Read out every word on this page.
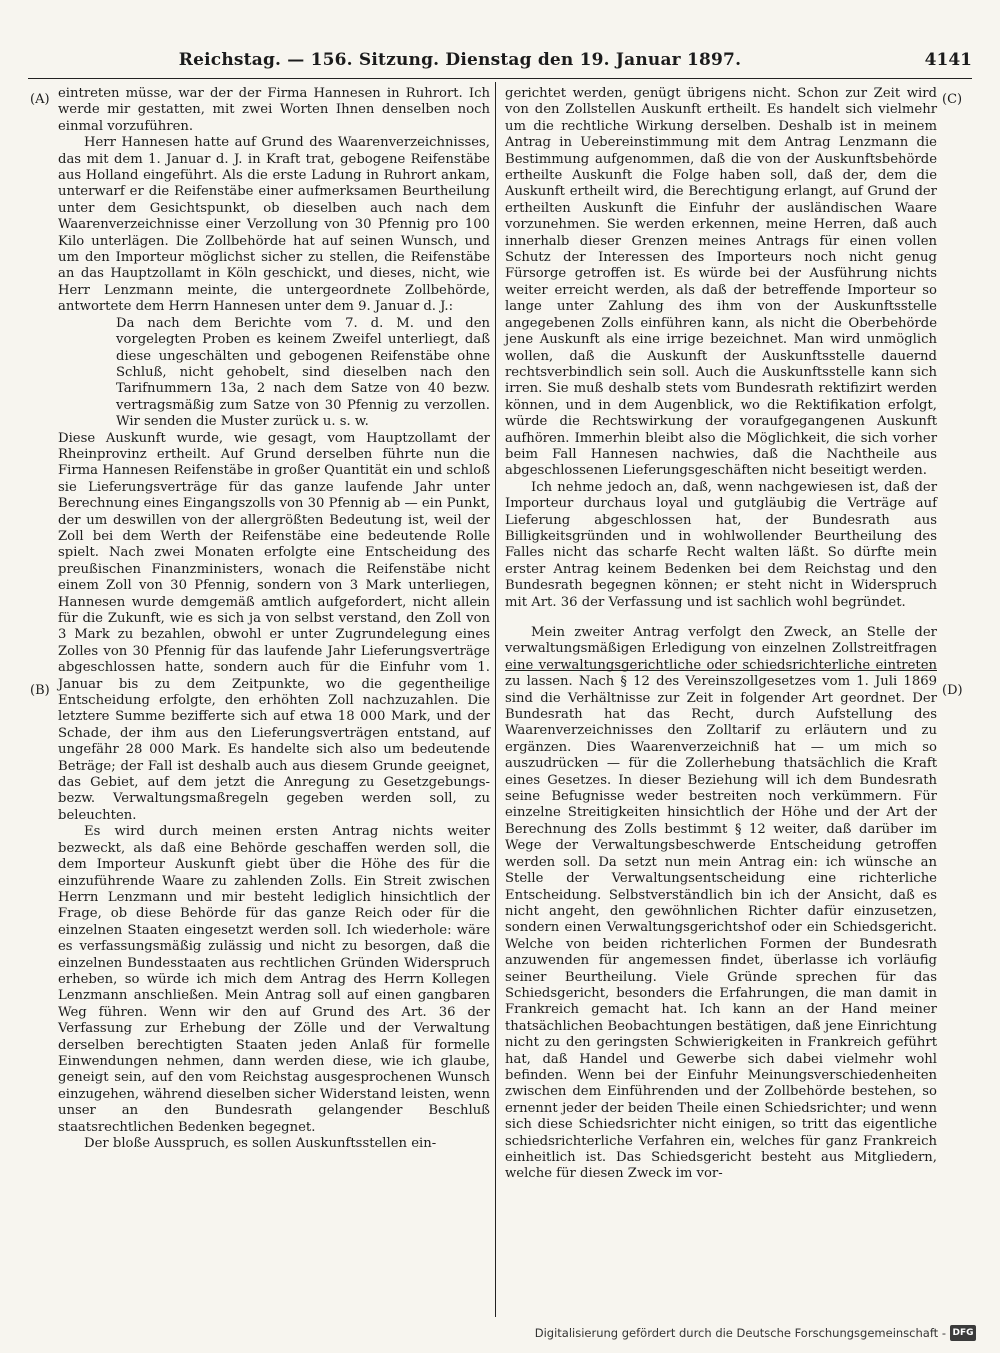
Reichstag. — 156. Sitzung. Dienstag den 19. Januar 1897.	4141
(A)
(B)
(C)
(D)

eintreten müsse, war der der Firma Hannesen in Ruhrort. Ich werde mir gestatten, mit zwei Worten Ihnen denselben noch einmal vorzuführen.

Herr Hannesen hatte auf Grund des Waarenverzeichnisses, das mit dem 1. Januar d. J. in Kraft trat, gebogene Reifenstäbe aus Holland eingeführt. Als die erste Ladung in Ruhrort ankam, unterwarf er die Reifenstäbe einer aufmerksamen Beurtheilung unter dem Gesichtspunkt, ob dieselben auch nach dem Waarenverzeichnisse einer Verzollung von 30 Pfennig pro 100 Kilo unterlägen. Die Zollbehörde hat auf seinen Wunsch, und um den Importeur möglichst sicher zu stellen, die Reifenstäbe an das Hauptzollamt in Köln geschickt, und dieses, nicht, wie Herr Lenzmann meinte, die untergeordnete Zollbehörde, antwortete dem Herrn Hannesen unter dem 9. Januar d. J.:

Da nach dem Berichte vom 7. d. M. und den vorgelegten Proben es keinem Zweifel unterliegt, daß diese ungeschälten und gebogenen Reifenstäbe ohne Schluß, nicht gehobelt, sind dieselben nach den Tarifnummern 13a, 2 nach dem Satze von 40 bezw. vertragsmäßig zum Satze von 30 Pfennig zu verzollen. Wir senden die Muster zurück u. s. w.

Diese Auskunft wurde, wie gesagt, vom Hauptzollamt der Rheinprovinz ertheilt. Auf Grund derselben führte nun die Firma Hannesen Reifenstäbe in großer Quantität ein und schloß sie Lieferungsverträge für das ganze laufende Jahr unter Berechnung eines Eingangszolls von 30 Pfennig ab — ein Punkt, der um deswillen von der allergrößten Bedeutung ist, weil der Zoll bei dem Werth der Reifenstäbe eine bedeutende Rolle spielt. Nach zwei Monaten erfolgte eine Entscheidung des preußischen Finanzministers, wonach die Reifenstäbe nicht einem Zoll von 30 Pfennig, sondern von 3 Mark unterliegen, Hannesen wurde demgemäß amtlich aufgefordert, nicht allein für die Zukunft, wie es sich ja von selbst verstand, den Zoll von 3 Mark zu bezahlen, obwohl er unter Zugrundelegung eines Zolles von 30 Pfennig für das laufende Jahr Lieferungsverträge abgeschlossen hatte, sondern auch für die Einfuhr vom 1. Januar bis zu dem Zeitpunkte, wo die gegentheilige Entscheidung erfolgte, den erhöhten Zoll nachzuzahlen. Die letztere Summe bezifferte sich auf etwa 18 000 Mark, und der Schade, der ihm aus den Lieferungsverträgen entstand, auf ungefähr 28 000 Mark. Es handelte sich also um bedeutende Beträge; der Fall ist deshalb auch aus diesem Grunde geeignet, das Gebiet, auf dem jetzt die Anregung zu Gesetzgebungs- bezw. Verwaltungsmaßregeln gegeben werden soll, zu beleuchten.

Es wird durch meinen ersten Antrag nichts weiter bezweckt, als daß eine Behörde geschaffen werden soll, die dem Importeur Auskunft giebt über die Höhe des für die einzuführende Waare zu zahlenden Zolls. Ein Streit zwischen Herrn Lenzmann und mir besteht lediglich hinsichtlich der Frage, ob diese Behörde für das ganze Reich oder für die einzelnen Staaten eingesetzt werden soll. Ich wiederhole: wäre es verfassungsmäßig zulässig und nicht zu besorgen, daß die einzelnen Bundesstaaten aus rechtlichen Gründen Widerspruch erheben, so würde ich mich dem Antrag des Herrn Kollegen Lenzmann anschließen. Mein Antrag soll auf einen gangbaren Weg führen. Wenn wir den auf Grund des Art. 36 der Verfassung zur Erhebung der Zölle und der Verwaltung derselben berechtigten Staaten jeden Anlaß für formelle Einwendungen nehmen, dann werden diese, wie ich glaube, geneigt sein, auf den vom Reichstag ausgesprochenen Wunsch einzugehen, während dieselben sicher Widerstand leisten, wenn unser an den Bundesrath gelangender Beschluß staatsrechtlichen Bedenken begegnet.

Der bloße Ausspruch, es sollen Auskunftsstellen ein-

gerichtet werden, genügt übrigens nicht. Schon zur Zeit wird von den Zollstellen Auskunft ertheilt. Es handelt sich vielmehr um die rechtliche Wirkung derselben. Deshalb ist in meinem Antrag in Uebereinstimmung mit dem Antrag Lenzmann die Bestimmung aufgenommen, daß die von der Auskunftsbehörde ertheilte Auskunft die Folge haben soll, daß der, dem die Auskunft ertheilt wird, die Berechtigung erlangt, auf Grund der ertheilten Auskunft die Einfuhr der ausländischen Waare vorzunehmen. Sie werden erkennen, meine Herren, daß auch innerhalb dieser Grenzen meines Antrags für einen vollen Schutz der Interessen des Importeurs noch nicht genug Fürsorge getroffen ist. Es würde bei der Ausführung nichts weiter erreicht werden, als daß der betreffende Importeur so lange unter Zahlung des ihm von der Auskunftsstelle angegebenen Zolls einführen kann, als nicht die Oberbehörde jene Auskunft als eine irrige bezeichnet. Man wird unmöglich wollen, daß die Auskunft der Auskunftsstelle dauernd rechtsverbindlich sein soll. Auch die Auskunftsstelle kann sich irren. Sie muß deshalb stets vom Bundesrath rektifizirt werden können, und in dem Augenblick, wo die Rektifikation erfolgt, würde die Rechtswirkung der voraufgegangenen Auskunft aufhören. Immerhin bleibt also die Möglichkeit, die sich vorher beim Fall Hannesen nachwies, daß die Nachtheile aus abgeschlossenen Lieferungsgeschäften nicht beseitigt werden.

Ich nehme jedoch an, daß, wenn nachgewiesen ist, daß der Importeur durchaus loyal und gutgläubig die Verträge auf Lieferung abgeschlossen hat, der Bundesrath aus Billigkeitsgründen und in wohlwollender Beurtheilung des Falles nicht das scharfe Recht walten läßt. So dürfte mein erster Antrag keinem Bedenken bei dem Reichstag und den Bundesrath begegnen können; er steht nicht in Widerspruch mit Art. 36 der Verfassung und ist sachlich wohl begründet.

Mein zweiter Antrag verfolgt den Zweck, an Stelle der verwaltungsmäßigen Erledigung von einzelnen Zollstreitfragen eine verwaltungsgerichtliche oder schiedsrichterliche eintreten zu lassen. Nach § 12 des Vereinszollgesetzes vom 1. Juli 1869 sind die Verhältnisse zur Zeit in folgender Art geordnet. Der Bundesrath hat das Recht, durch Aufstellung des Waarenverzeichnisses den Zolltarif zu erläutern und zu ergänzen. Dies Waarenverzeichniß hat — um mich so auszudrücken — für die Zollerhebung thatsächlich die Kraft eines Gesetzes. In dieser Beziehung will ich dem Bundesrath seine Befugnisse weder bestreiten noch verkümmern. Für einzelne Streitigkeiten hinsichtlich der Höhe und der Art der Berechnung des Zolls bestimmt § 12 weiter, daß darüber im Wege der Verwaltungsbeschwerde Entscheidung getroffen werden soll. Da setzt nun mein Antrag ein: ich wünsche an Stelle der Verwaltungsentscheidung eine richterliche Entscheidung. Selbstverständlich bin ich der Ansicht, daß es nicht angeht, den gewöhnlichen Richter dafür einzusetzen, sondern einen Verwaltungsgerichtshof oder ein Schiedsgericht. Welche von beiden richterlichen Formen der Bundesrath anzuwenden für angemessen findet, überlasse ich vorläufig seiner Beurtheilung. Viele Gründe sprechen für das Schiedsgericht, besonders die Erfahrungen, die man damit in Frankreich gemacht hat. Ich kann an der Hand meiner thatsächlichen Beobachtungen bestätigen, daß jene Einrichtung nicht zu den geringsten Schwierigkeiten in Frankreich geführt hat, daß Handel und Gewerbe sich dabei vielmehr wohl befinden. Wenn bei der Einfuhr Meinungsverschiedenheiten zwischen dem Einführenden und der Zollbehörde bestehen, so ernennt jeder der beiden Theile einen Schiedsrichter; und wenn sich diese Schiedsrichter nicht einigen, so tritt das eigentliche schiedsrichterliche Verfahren ein, welches für ganz Frankreich einheitlich ist. Das Schiedsgericht besteht aus Mitgliedern, welche für diesen Zweck im vor-

Digitalisierung gefördert durch die Deutsche Forschungsgemeinschaft - DFG
